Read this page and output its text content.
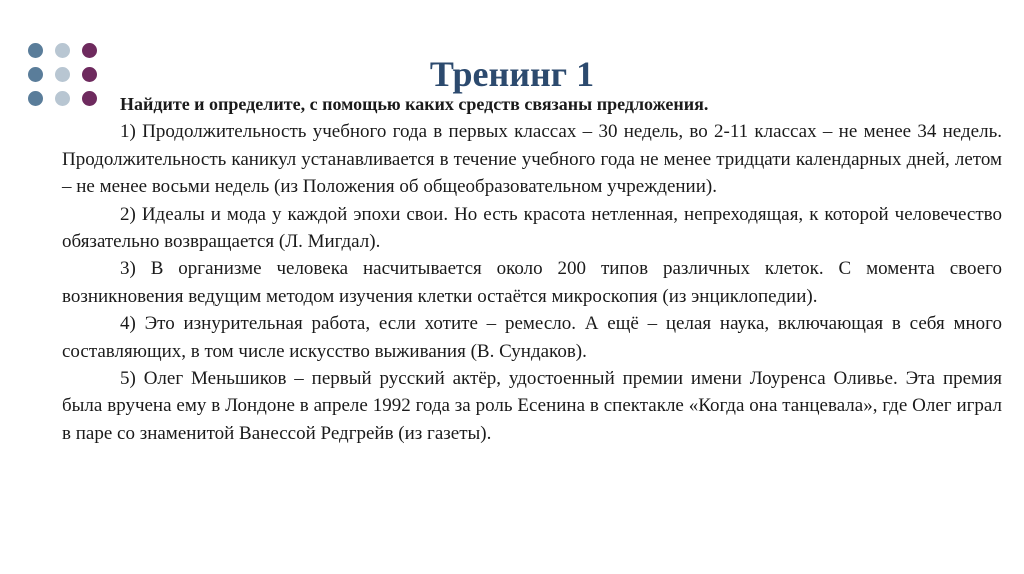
Тренинг 1

Найдите и определите, с помощью каких средств связаны предложения.

1) Продолжительность учебного года в первых классах – 30 недель, во 2-11 классах – не менее 34 недель. Продолжительность каникул устанавливается в течение учебного года не менее тридцати календарных дней, летом – не менее восьми недель (из Положения об общеобразовательном учреждении).

2) Идеалы и мода у каждой эпохи свои. Но есть красота нетленная, непреходящая, к которой человечество обязательно возвращается (Л. Мигдал).

3) В организме человека насчитывается около 200 типов различных клеток. С момента своего возникновения ведущим методом изучения клетки остаётся микроскопия (из энциклопедии).

4) Это изнурительная работа, если хотите – ремесло. А ещё – целая наука, включающая в себя много составляющих, в том числе искусство выживания (В. Сундаков).

5) Олег Меньшиков – первый русский актёр, удостоенный премии имени Лоуренса Оливье. Эта премия была вручена ему в Лондоне в апреле 1992 года за роль Есенина в спектакле «Когда она танцевала», где Олег играл в паре со знаменитой Ванессой Редгрейв (из газеты).
